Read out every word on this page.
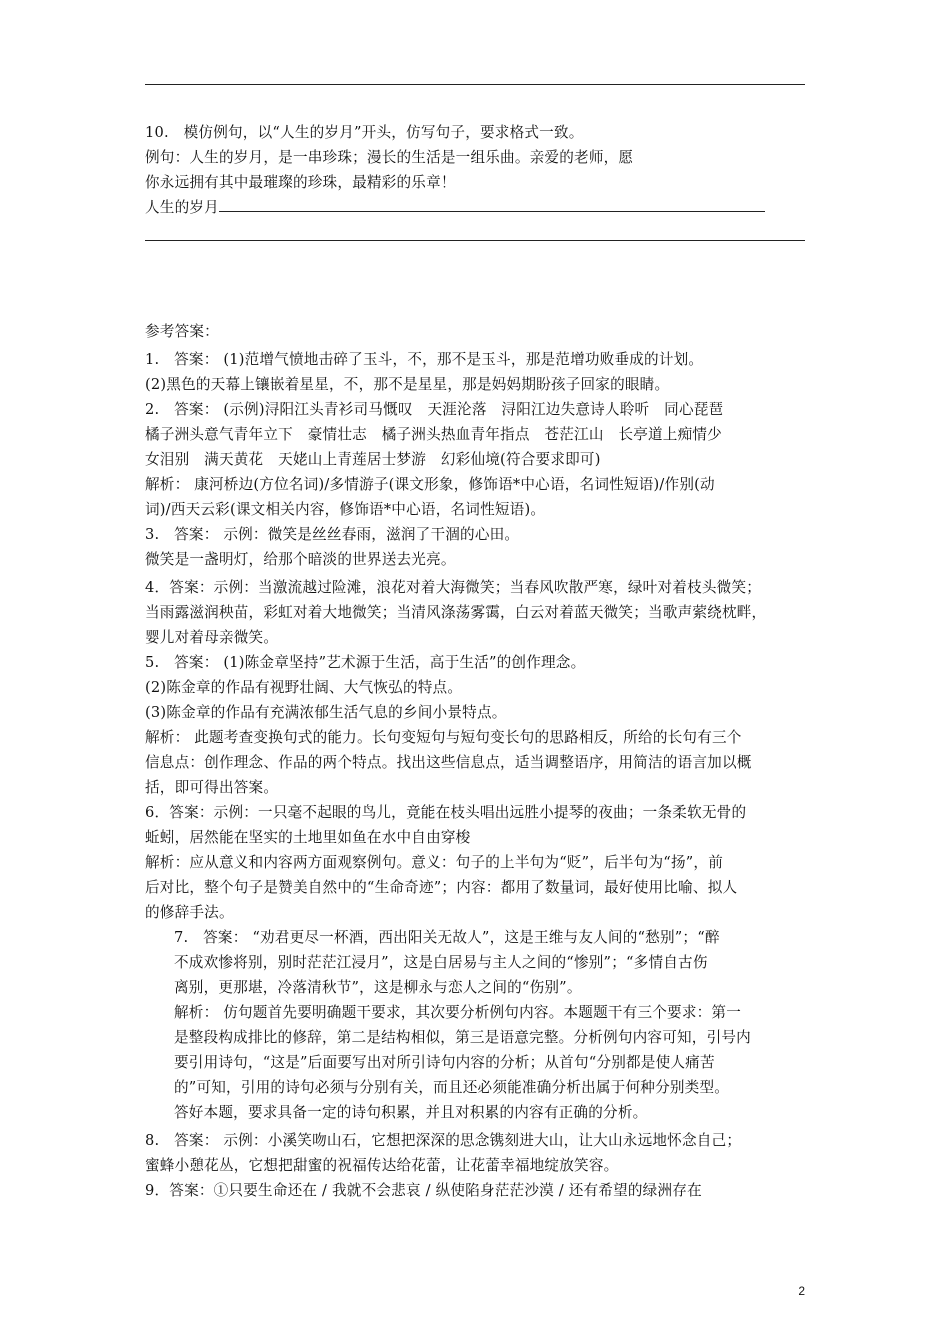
10.　模仿例句，以“人生的岁月”开头，仿写句子，要求格式一致。
例句：人生的岁月，是一串珍珠；漫长的生活是一组乐曲。亲爱的老师，愿
你永远拥有其中最璀璨的珍珠，最精彩的乐章！
人生的岁月
参考答案：
1.　答案： (1)范增气愤地击碎了玉斗，不，那不是玉斗，那是范增功败垂成的计划。
(2)黑色的天幕上镶嵌着星星，不，那不是星星，那是妈妈期盼孩子回家的眼睛。
2.　答案： (示例)浔阳江头青衫司马慨叹　天涯沦落　浔阳江边失意诗人聆听　同心琵琶
橘子洲头意气青年立下　豪情壮志　橘子洲头热血青年指点　苍茫江山　长亭道上痴情少
女泪别　满天黄花　天姥山上青莲居士梦游　幻彩仙境(符合要求即可)
解析： 康河桥边(方位名词)/多情游子(课文形象，修饰语*中心语，名词性短语)/作别(动
词)/西天云彩(课文相关内容，修饰语*中心语，名词性短语)。
3.　答案： 示例：微笑是丝丝春雨，滋润了干涸的心田。
微笑是一盏明灯，给那个暗淡的世界送去光亮。
4．答案：示例：当激流越过险滩，浪花对着大海微笑；当春风吹散严寒，绿叶对着枝头微笑；
当雨露滋润秧苗，彩虹对着大地微笑；当清风涤荡雾霭，白云对着蓝天微笑；当歌声萦绕枕畔，
婴儿对着母亲微笑。
5.　答案： (1)陈金章坚持”艺术源于生活，高于生活”的创作理念。
(2)陈金章的作品有视野壮阔、大气恢弘的特点。
(3)陈金章的作品有充满浓郁生活气息的乡间小景特点。
解析： 此题考查变换句式的能力。长句变短句与短句变长句的思路相反，所给的长句有三个
信息点：创作理念、作品的两个特点。找出这些信息点，适当调整语序，用简洁的语言加以概
括，即可得出答案。
6．答案：示例：一只毫不起眼的鸟儿，竟能在枝头唱出远胜小提琴的夜曲；一条柔软无骨的
蚯蚓，居然能在坚实的土地里如鱼在水中自由穿梭
解析：应从意义和内容两方面观察例句。意义：句子的上半句为“贬”，后半句为“扬”，前
后对比，整个句子是赞美自然中的“生命奇迹”；内容：都用了数量词，最好使用比喻、拟人
的修辞手法。
7.　答案： “劝君更尽一杯酒，西出阳关无故人”，这是王维与友人间的“愁别”；“醉
不成欢惨将别，别时茫茫江浸月”，这是白居易与主人之间的“惨别”；“多情自古伤
离别，更那堪，冷落清秋节”，这是柳永与恋人之间的“伤别”。
解析： 仿句题首先要明确题干要求，其次要分析例句内容。本题题干有三个要求：第一
是整段构成排比的修辞，第二是结构相似，第三是语意完整。分析例句内容可知，引号内
要引用诗句，“这是”后面要写出对所引诗句内容的分析；从首句“分别都是使人痛苦
的”可知，引用的诗句必须与分别有关，而且还必须能准确分析出属于何种分别类型。
答好本题，要求具备一定的诗句积累，并且对积累的内容有正确的分析。
8.　答案： 示例：小溪笑吻山石，它想把深深的思念镌刻进大山，让大山永远地怀念自己；
蜜蜂小憩花丛，它想把甜蜜的祝福传达给花蕾，让花蕾幸福地绽放笑容。
9．答案：①只要生命还在 / 我就不会悲哀 / 纵使陷身茫茫沙漠 / 还有希望的绿洲存在
2
